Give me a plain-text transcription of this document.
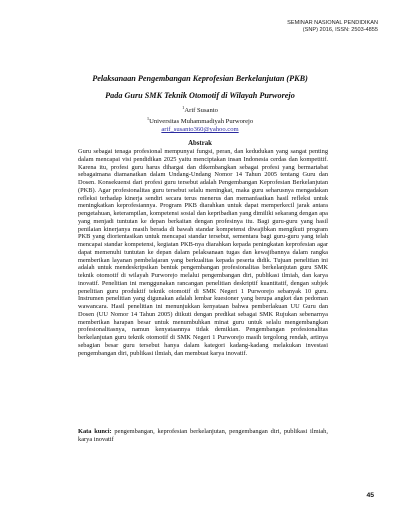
SEMINAR NASIONAL PENDIDIKAN
(SNP) 2016, ISSN: 2503-4855
Pelaksanaan Pengembangan Keprofesian Berkelanjutan (PKB)
Pada Guru SMK Teknik Otomotif di Wilayah Purworejo
$^1$Arif Susanto
$^1$Universitas Muhammadiyah Purworejo
arif_susanto360@yahoo.com
Abstrak

Guru sebagai tenaga profesional mempunyai fungsi, peran, dan kedudukan yang sangat penting dalam mencapai visi pendidikan 2025 yaitu menciptakan insan Indonesia cerdas dan kompetitif. Karena itu, profesi guru harus dihargai dan dikembangkan sebagai profesi yang bermartabat sebagaimana diamanatkan dalam Undang-Undang Nomor 14 Tahun 2005 tentang Guru dan Dosen. Konsekuensi dari profesi guru tersebut adalah Pengembangan Keprofesian Berkelanjutan (PKB). Agar profesionalitas guru tersebut selalu meningkat, maka guru seharusnya mengadakan refleksi terhadap kinerja sendiri secara terus menerus dan memanfaatkan hasil refleksi untuk meningkatkan keprofesiannya. Program PKB diarahkan untuk dapat memperkecil jarak antara pengetahuan, keterampilan, kompetensi sosial dan kepribadian yang dimiliki sekarang dengan apa yang menjadi tuntutan ke depan berkaitan dengan profesinya itu. Bagi guru-guru yang hasil penilaian kinerjanya masih berada di bawah standar kompetensi diwajibkan mengikuti program PKB yang diorientasikan untuk mencapai standar tersebut, sementara bagi guru-guru yang telah mencapai standar kompetensi, kegiatan PKB-nya diarahkan kepada peningkatan keprofesian agar dapat memenuhi tuntutan ke depan dalam pelaksanaan tugas dan kewajibannya dalam rangka memberikan layanan pembelajaran yang berkualitas kepada peserta didik. Tujuan penelitian ini adalah untuk mendeskripsikan bentuk pengembangan profesionalitas berkelanjutan guru SMK teknik otomotif di wilayah Purworejo melalui pengembangan diri, publikasi ilmiah, dan karya inovatif. Penelitian ini menggunakan rancangan penelitian deskriptif kuantitatif, dengan subjek penelitian guru produktif teknik otomotif di SMK Negeri 1 Purworejo sebanyak 10 guru. Instrumen penelitian yang digunakan adalah lembar kuesioner yang berupa angket dan pedoman wawancara. Hasil penelitian ini menunjukkan kenyataan bahwa pemberlakuan UU Guru dan Dosen (UU Nomor 14 Tahun 2005) diikuti dengan predikat sebagai SMK Rujukan sebenarnya memberikan harapan besar untuk menumbuhkan minat guru untuk selalu mengembangkan profesionalitasnya, namun kenyataannya tidak demikian. Pengembangan profesionalitas berkelanjutan guru teknik otomotif di SMK Negeri 1 Purworejo masih tergolong rendah, artinya sebagian besar guru tersebut hanya dalam kategori kadang-kadang melakukan investasi pengembangan diri, publikasi ilmiah, dan membuat karya inovatif.

Kata kunci: pengembangan, keprofesian berkelanjutan, pengembangan diri, publikasi ilmiah, karya inovatif

45
